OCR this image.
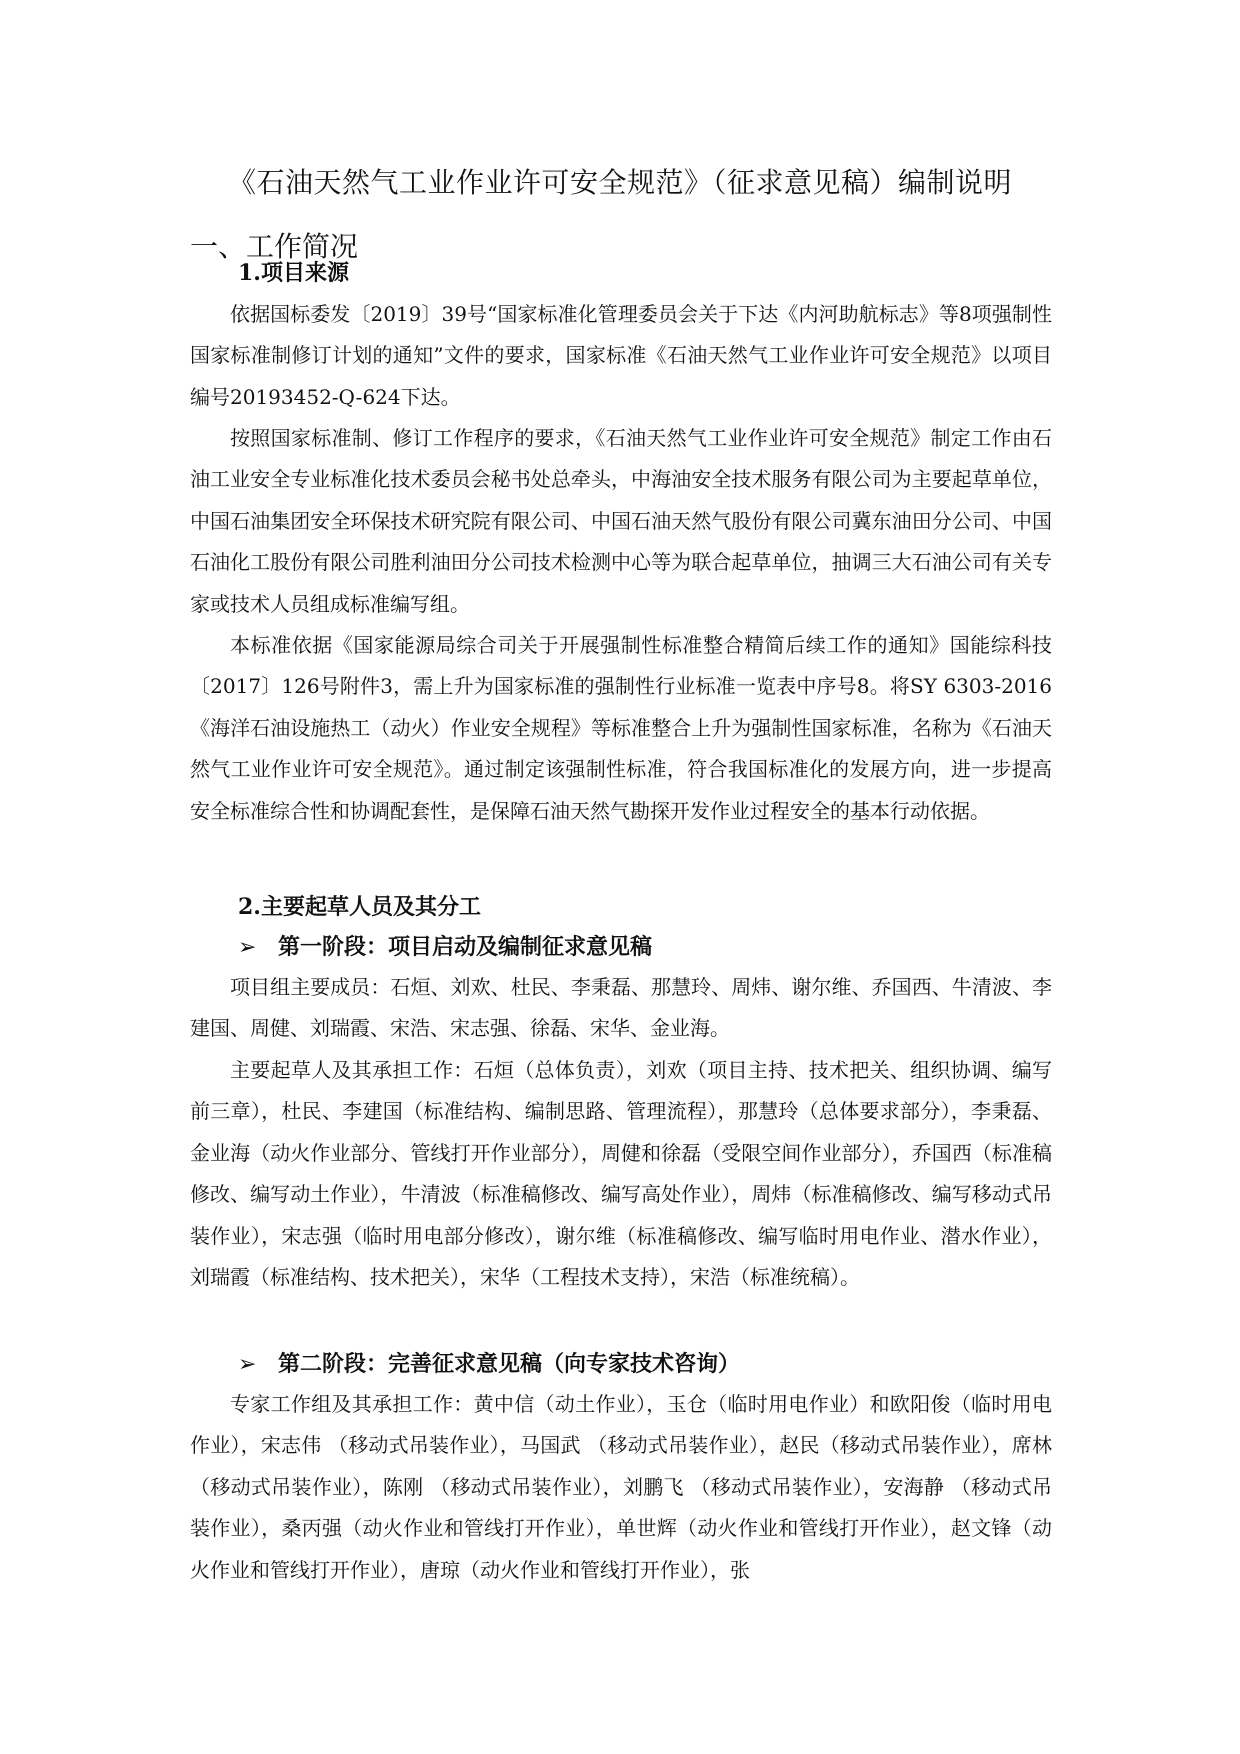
《石油天然气工业作业许可安全规范》（征求意见稿）编制说明
一、工作简况
1.项目来源

依据国标委发〔2019〕39号“国家标准化管理委员会关于下达《内河助航标志》等8项强制性国家标准制修订计划的通知”文件的要求，国家标准《石油天然气工业作业许可安全规范》以项目编号20193452-Q-624下达。

按照国家标准制、修订工作程序的要求，《石油天然气工业作业许可安全规范》制定工作由石油工业安全专业标准化技术委员会秘书处总牵头，中海油安全技术服务有限公司为主要起草单位，中国石油集团安全环保技术研究院有限公司、中国石油天然气股份有限公司冀东油田分公司、中国石油化工股份有限公司胜利油田分公司技术检测中心等为联合起草单位，抽调三大石油公司有关专家或技术人员组成标准编写组。

本标准依据《国家能源局综合司关于开展强制性标准整合精简后续工作的通知》国能综科技〔2017〕126号附件3，需上升为国家标准的强制性行业标准一览表中序号8。将SY 6303-2016 《海洋石油设施热工（动火）作业安全规程》等标准整合上升为强制性国家标准，名称为《石油天然气工业作业许可安全规范》。通过制定该强制性标准，符合我国标准化的发展方向，进一步提高安全标准综合性和协调配套性，是保障石油天然气勘探开发作业过程安全的基本行动依据。

2.主要起草人员及其分工
➢ 第一阶段：项目启动及编制征求意见稿

项目组主要成员：石烜、刘欢、杜民、李秉磊、那慧玲、周炜、谢尔维、乔国西、牛清波、李建国、周健、刘瑞霞、宋浩、宋志强、徐磊、宋华、金业海。

主要起草人及其承担工作：石烜（总体负责），刘欢（项目主持、技术把关、组织协调、编写前三章），杜民、李建国（标准结构、编制思路、管理流程），那慧玲（总体要求部分），李秉磊、金业海（动火作业部分、管线打开作业部分），周健和徐磊（受限空间作业部分），乔国西（标准稿修改、编写动土作业），牛清波（标准稿修改、编写高处作业），周炜（标准稿修改、编写移动式吊装作业），宋志强（临时用电部分修改），谢尔维（标准稿修改、编写临时用电作业、潜水作业），刘瑞霞（标准结构、技术把关），宋华（工程技术支持），宋浩（标准统稿）。

➢ 第二阶段：完善征求意见稿（向专家技术咨询）

专家工作组及其承担工作：黄中信（动土作业），玉仓（临时用电作业）和欧阳俊（临时用电作业），宋志伟 （移动式吊装作业），马国武 （移动式吊装作业），赵民（移动式吊装作业），席林 （移动式吊装作业），陈刚 （移动式吊装作业），刘鹏飞 （移动式吊装作业），安海静 （移动式吊装作业），桑丙强（动火作业和管线打开作业），单世辉（动火作业和管线打开作业），赵文锋（动火作业和管线打开作业），唐琼（动火作业和管线打开作业），张
